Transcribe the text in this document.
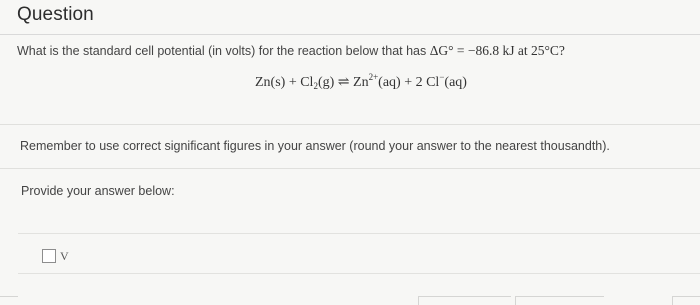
Question
What is the standard cell potential (in volts) for the reaction below that has ΔG° = −86.8 kJ at 25°C?
$Zn(s) + Cl_2(g)$ ⇌ $Zn^{2+}(aq) + 2$ Cl−(aq)
Remember to use correct significant figures in your answer (round your answer to the nearest thousandth).
Provide your answer below:
V
